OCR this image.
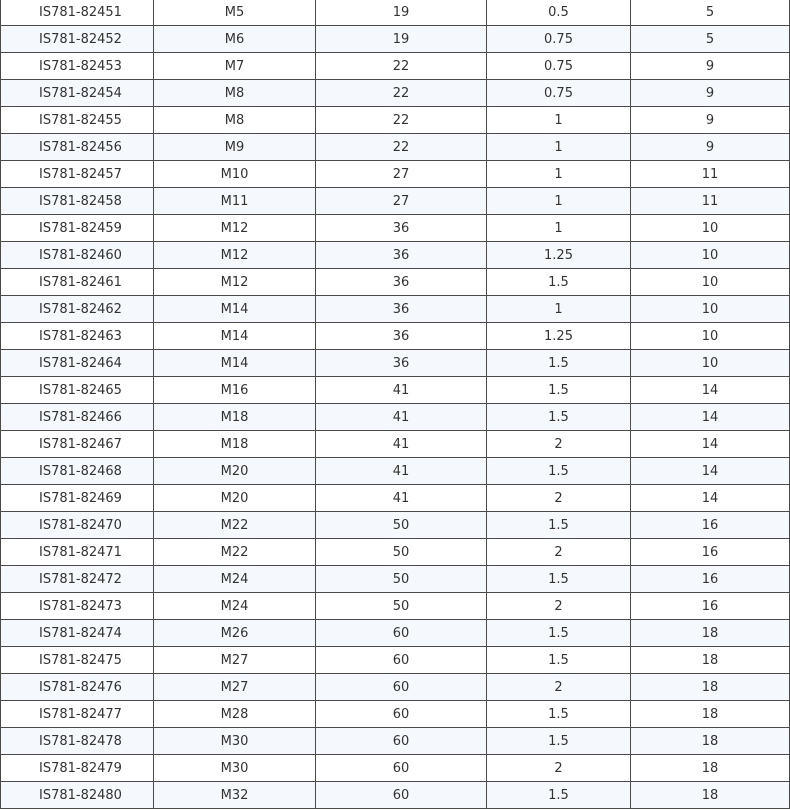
IS781-82451	M5	19	0.5	5
IS781-82452	M6	19	0.75	5
IS781-82453	M7	22	0.75	9
IS781-82454	M8	22	0.75	9
IS781-82455	M8	22	1	9
IS781-82456	M9	22	1	9
IS781-82457	M10	27	1	11
IS781-82458	M11	27	1	11
IS781-82459	M12	36	1	10
IS781-82460	M12	36	1.25	10
IS781-82461	M12	36	1.5	10
IS781-82462	M14	36	1	10
IS781-82463	M14	36	1.25	10
IS781-82464	M14	36	1.5	10
IS781-82465	M16	41	1.5	14
IS781-82466	M18	41	1.5	14
IS781-82467	M18	41	2	14
IS781-82468	M20	41	1.5	14
IS781-82469	M20	41	2	14
IS781-82470	M22	50	1.5	16
IS781-82471	M22	50	2	16
IS781-82472	M24	50	1.5	16
IS781-82473	M24	50	2	16
IS781-82474	M26	60	1.5	18
IS781-82475	M27	60	1.5	18
IS781-82476	M27	60	2	18
IS781-82477	M28	60	1.5	18
IS781-82478	M30	60	1.5	18
IS781-82479	M30	60	2	18
IS781-82480	M32	60	1.5	18
